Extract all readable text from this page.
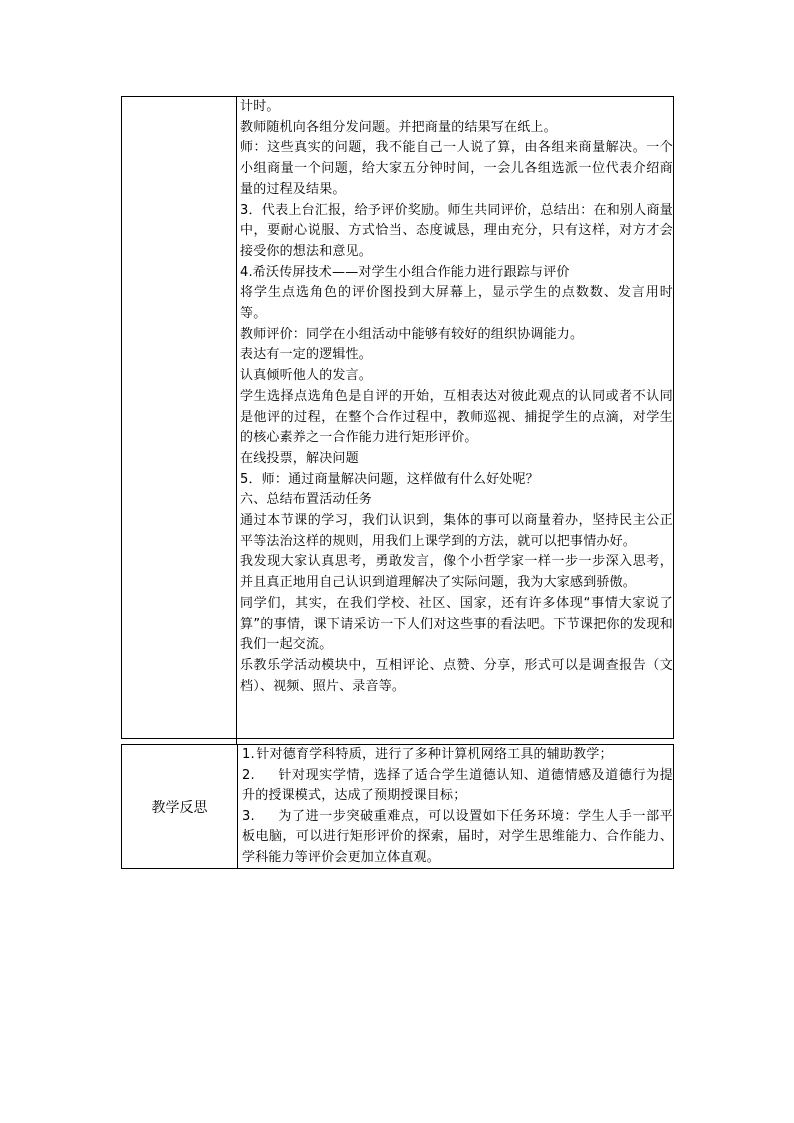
计时。

教师随机向各组分发问题。并把商量的结果写在纸上。

师：这些真实的问题，我不能自己一人说了算，由各组来商量解决。一个小组商量一个问题，给大家五分钟时间，一会儿各组选派一位代表介绍商量的过程及结果。

3．代表上台汇报，给予评价奖励。师生共同评价，总结出：在和别人商量中，要耐心说服、方式恰当、态度诚恳，理由充分，只有这样，对方才会接受你的想法和意见。

4.希沃传屏技术——对学生小组合作能力进行跟踪与评价

将学生点选角色的评价图投到大屏幕上，显示学生的点数数、发言用时等。

教师评价：同学在小组活动中能够有较好的组织协调能力。

表达有一定的逻辑性。

认真倾听他人的发言。

学生选择点选角色是自评的开始，互相表达对彼此观点的认同或者不认同是他评的过程，在整个合作过程中，教师巡视、捕捉学生的点滴，对学生的核心素养之一合作能力进行矩形评价。

在线投票，解决问题

5．师：通过商量解决问题，这样做有什么好处呢？

六、总结布置活动任务

通过本节课的学习，我们认识到，集体的事可以商量着办，坚持民主公正平等法治这样的规则，用我们上课学到的方法，就可以把事情办好。

我发现大家认真思考，勇敢发言，像个小哲学家一样一步一步深入思考，并且真正地用自己认识到道理解决了实际问题，我为大家感到骄傲。

同学们，其实，在我们学校、社区、国家，还有许多体现“事情大家说了算”的事情，课下请采访一下人们对这些事的看法吧。下节课把你的发现和我们一起交流。

乐教乐学活动模块中，互相评论、点赞、分享，形式可以是调查报告（文档）、视频、照片、录音等。

教学反思	

1. 针对德育学科特质，进行了多种计算机网络工具的辅助教学；

2. 针对现实学情，选择了适合学生道德认知、道德情感及道德行为提升的授课模式，达成了预期授课目标；

3. 为了进一步突破重难点，可以设置如下任务环境：学生人手一部平板电脑，可以进行矩形评价的探索，届时，对学生思维能力、合作能力、学科能力等评价会更加立体直观。
